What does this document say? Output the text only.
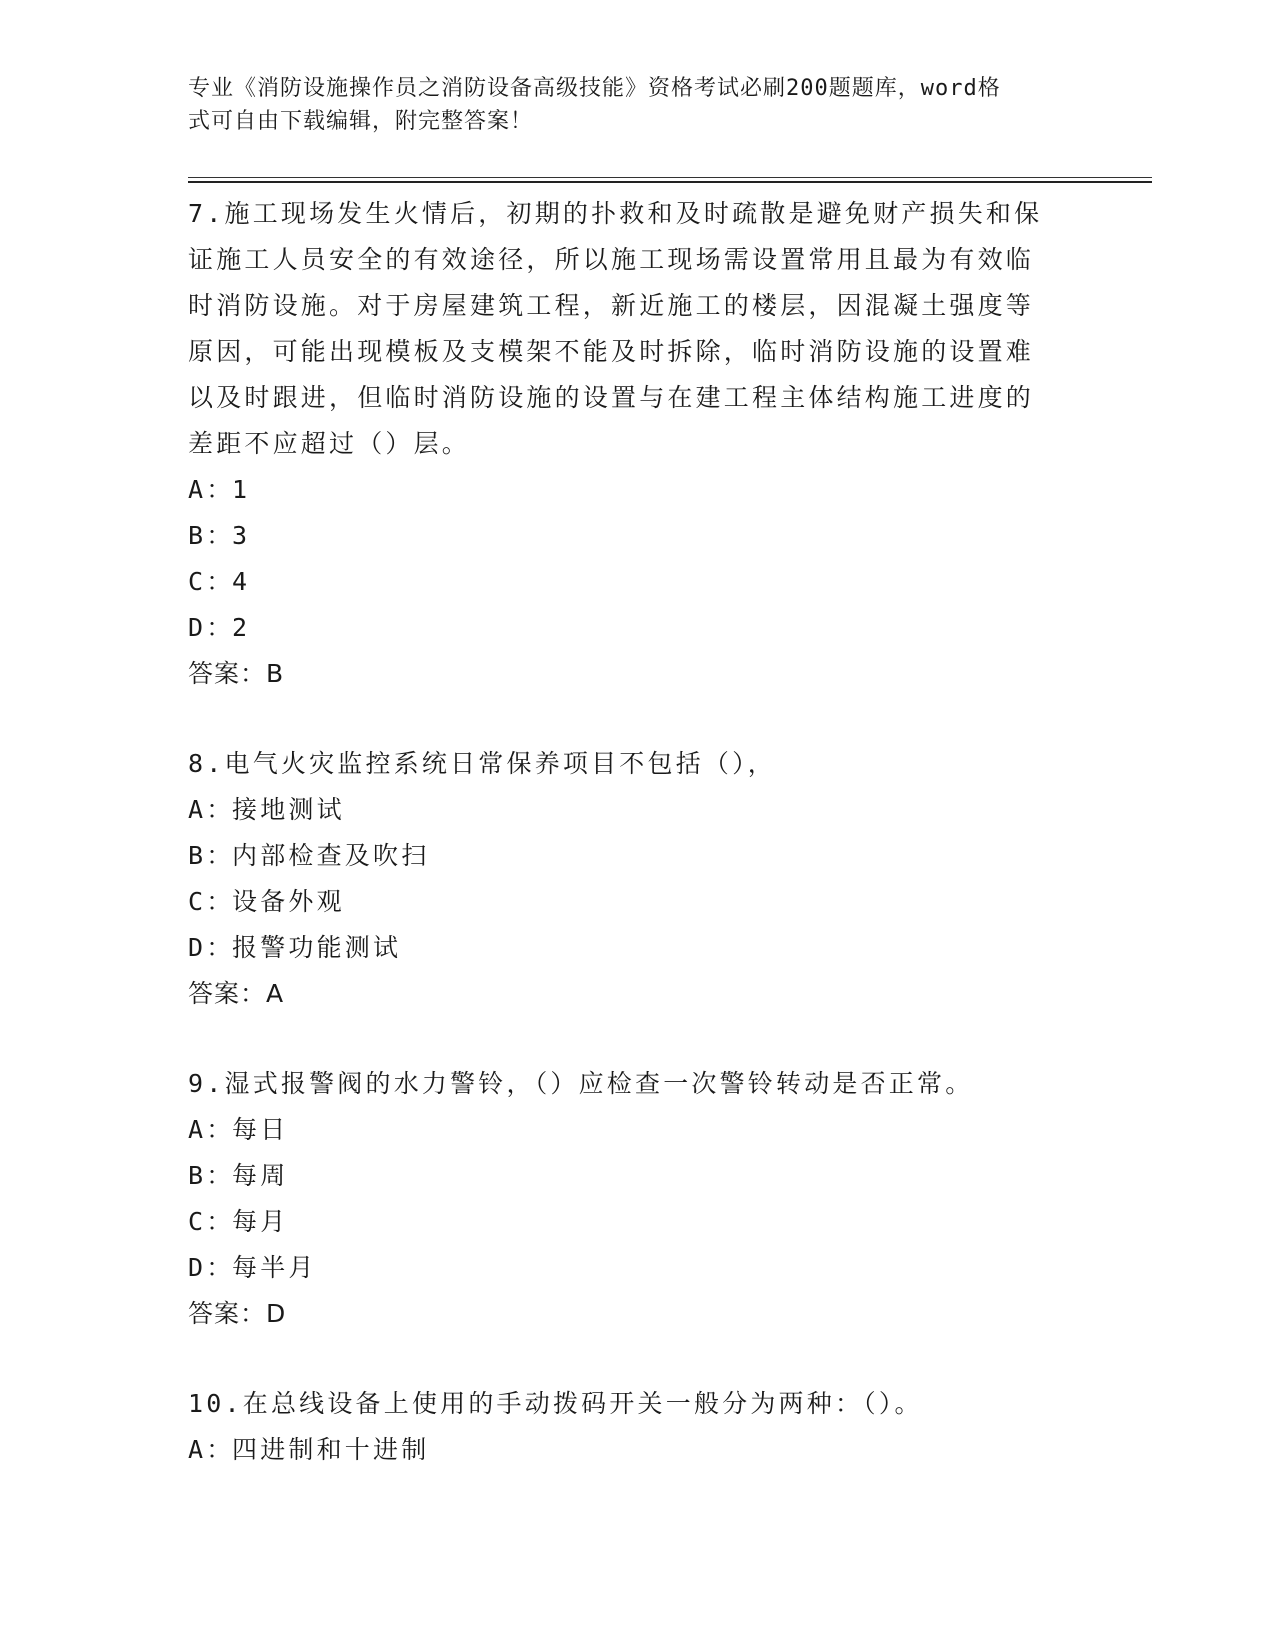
专业《消防设施操作员之消防设备高级技能》资格考试必刷200题题库，word格
式可自由下载编辑，附完整答案！
7.施工现场发生火情后，初期的扑救和及时疏散是避免财产损失和保
证施工人员安全的有效途径，所以施工现场需设置常用且最为有效临
时消防设施。对于房屋建筑工程，新近施工的楼层，因混凝土强度等
原因，可能出现模板及支模架不能及时拆除，临时消防设施的设置难
以及时跟进，但临时消防设施的设置与在建工程主体结构施工进度的
差距不应超过（）层。
A：1
B：3
C：4
D：2
答案：B
8.电气火灾监控系统日常保养项目不包括（），
A：接地测试
B：内部检查及吹扫
C：设备外观
D：报警功能测试
答案：A
9.湿式报警阀的水力警铃，（）应检查一次警铃转动是否正常。
A：每日
B：每周
C：每月
D：每半月
答案：D
10.在总线设备上使用的手动拨码开关一般分为两种：（）。
A：四进制和十进制
